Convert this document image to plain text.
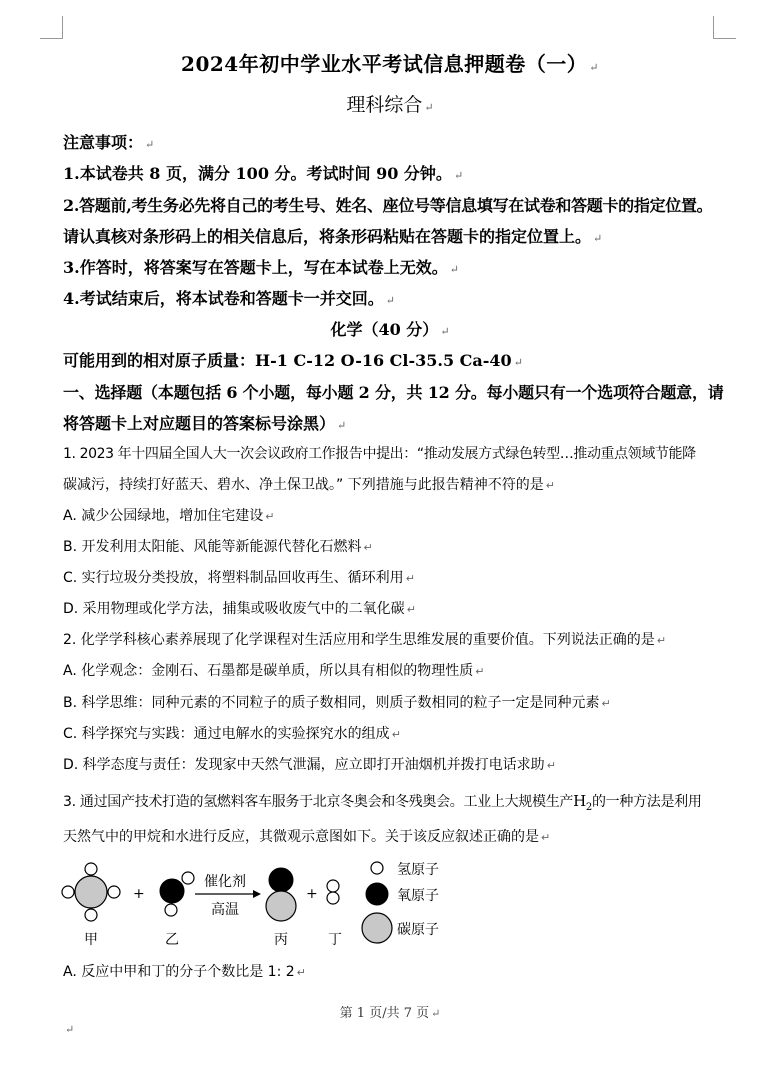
2024年初中学业水平考试信息押题卷（一） ↵
理科综合 ↵
注意事项： ↵
1.本试卷共 8 页，满分 100 分。考试时间 90 分钟。 ↵
2.答题前,考生务必先将自己的考生号、姓名、座位号等信息填写在试卷和答题卡的指定位置。
请认真核对条形码上的相关信息后，将条形码粘贴在答题卡的指定位置上。 ↵
3.作答时，将答案写在答题卡上，写在本试卷上无效。 ↵
4.考试结束后，将本试卷和答题卡一并交回。 ↵
化学（40 分） ↵
可能用到的相对原子质量：H-1 C-12 O-16 Cl-35.5 Ca-40 ↵
一、选择题（本题包括 6 个小题，每小题 2 分，共 12 分。每小题只有一个选项符合题意，请
将答题卡上对应题目的答案标号涂黑） ↵
1. 2023 年十四届全国人大一次会议政府工作报告中提出：“推动发展方式绿色转型…推动重点领域节能降
碳减污，持续打好蓝天、碧水、净土保卫战。” 下列措施与此报告精神不符的是 ↵
A. 减少公园绿地，增加住宅建设 ↵
B. 开发利用太阳能、风能等新能源代替化石燃料 ↵
C. 实行垃圾分类投放，将塑料制品回收再生、循环利用 ↵
D. 采用物理或化学方法，捕集或吸收废气中的二氧化碳 ↵
2. 化学学科核心素养展现了化学课程对生活应用和学生思维发展的重要价值。下列说法正确的是 ↵
A. 化学观念：金刚石、石墨都是碳单质，所以具有相似的物理性质 ↵
B. 科学思维：同种元素的不同粒子的质子数相同，则质子数相同的粒子一定是同种元素 ↵
C. 科学探究与实践：通过电解水的实验探究水的组成 ↵
D. 科学态度与责任：发现家中天然气泄漏，应立即打开油烟机并拨打电话求助 ↵
3. 通过国产技术打造的氢燃料客车服务于北京冬奥会和冬残奥会。工业上大规模生产$H_2$的一种方法是利用
天然气中的甲烷和水进行反应，其微观示意图如下。关于该反应叙述正确的是 ↵
+
催化剂
高温
+
甲	乙	丙	丁
氢原子
氧原子
碳原子
A. 反应中甲和丁的分子个数比是 1: 2 ↵
第 1 页/共 7 页 ↵
↵
